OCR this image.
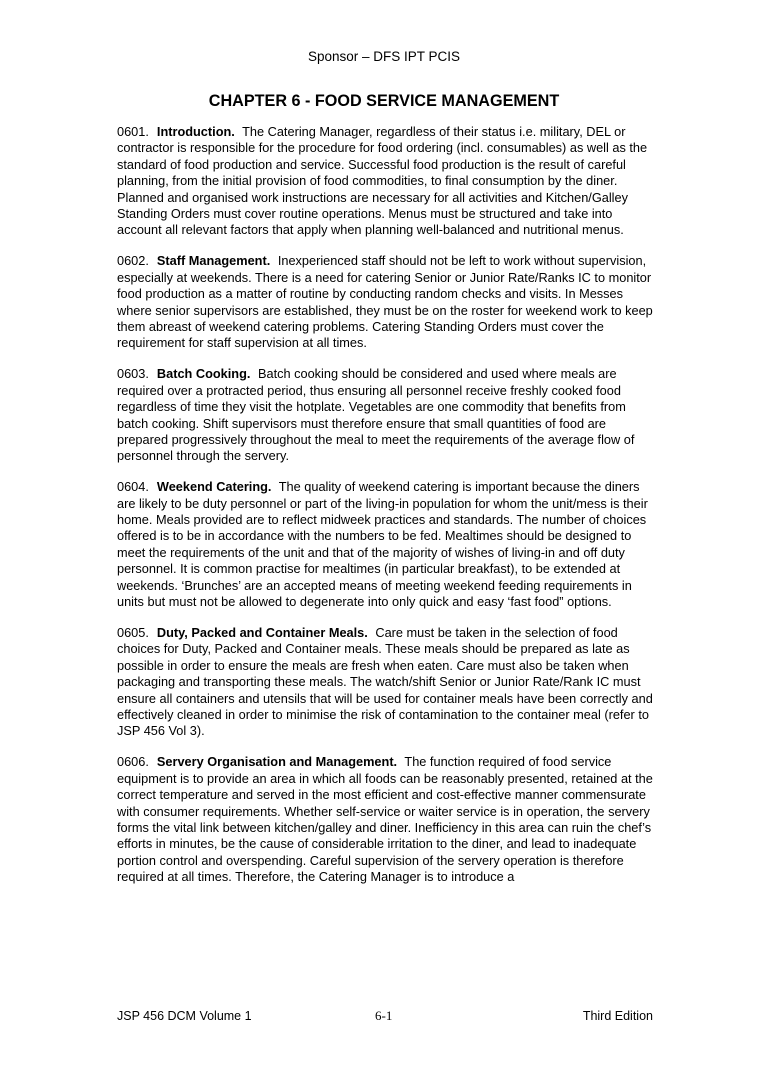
Sponsor – DFS IPT PCIS
CHAPTER 6 - FOOD SERVICE MANAGEMENT

0601. Introduction. The Catering Manager, regardless of their status i.e. military, DEL or contractor is responsible for the procedure for food ordering (incl. consumables) as well as the standard of food production and service. Successful food production is the result of careful planning, from the initial provision of food commodities, to final consumption by the diner. Planned and organised work instructions are necessary for all activities and Kitchen/Galley Standing Orders must cover routine operations. Menus must be structured and take into account all relevant factors that apply when planning well-balanced and nutritional menus.

0602. Staff Management. Inexperienced staff should not be left to work without supervision, especially at weekends. There is a need for catering Senior or Junior Rate/Ranks IC to monitor food production as a matter of routine by conducting random checks and visits. In Messes where senior supervisors are established, they must be on the roster for weekend work to keep them abreast of weekend catering problems. Catering Standing Orders must cover the requirement for staff supervision at all times.

0603. Batch Cooking. Batch cooking should be considered and used where meals are required over a protracted period, thus ensuring all personnel receive freshly cooked food regardless of time they visit the hotplate. Vegetables are one commodity that benefits from batch cooking. Shift supervisors must therefore ensure that small quantities of food are prepared progressively throughout the meal to meet the requirements of the average flow of personnel through the servery.

0604. Weekend Catering. The quality of weekend catering is important because the diners are likely to be duty personnel or part of the living-in population for whom the unit/mess is their home. Meals provided are to reflect midweek practices and standards. The number of choices offered is to be in accordance with the numbers to be fed. Mealtimes should be designed to meet the requirements of the unit and that of the majority of wishes of living-in and off duty personnel. It is common practise for mealtimes (in particular breakfast), to be extended at weekends. ‘Brunches’ are an accepted means of meeting weekend feeding requirements in units but must not be allowed to degenerate into only quick and easy ‘fast food” options.

0605. Duty, Packed and Container Meals. Care must be taken in the selection of food choices for Duty, Packed and Container meals. These meals should be prepared as late as possible in order to ensure the meals are fresh when eaten. Care must also be taken when packaging and transporting these meals. The watch/shift Senior or Junior Rate/Rank IC must ensure all containers and utensils that will be used for container meals have been correctly and effectively cleaned in order to minimise the risk of contamination to the container meal (refer to JSP 456 Vol 3).

0606. Servery Organisation and Management. The function required of food service equipment is to provide an area in which all foods can be reasonably presented, retained at the correct temperature and served in the most efficient and cost-effective manner commensurate with consumer requirements. Whether self-service or waiter service is in operation, the servery forms the vital link between kitchen/galley and diner. Inefficiency in this area can ruin the chef’s efforts in minutes, be the cause of considerable irritation to the diner, and lead to inadequate portion control and overspending. Careful supervision of the servery operation is therefore required at all times. Therefore, the Catering Manager is to introduce a

JSP 456 DCM Volume 1	6-1	Third Edition
